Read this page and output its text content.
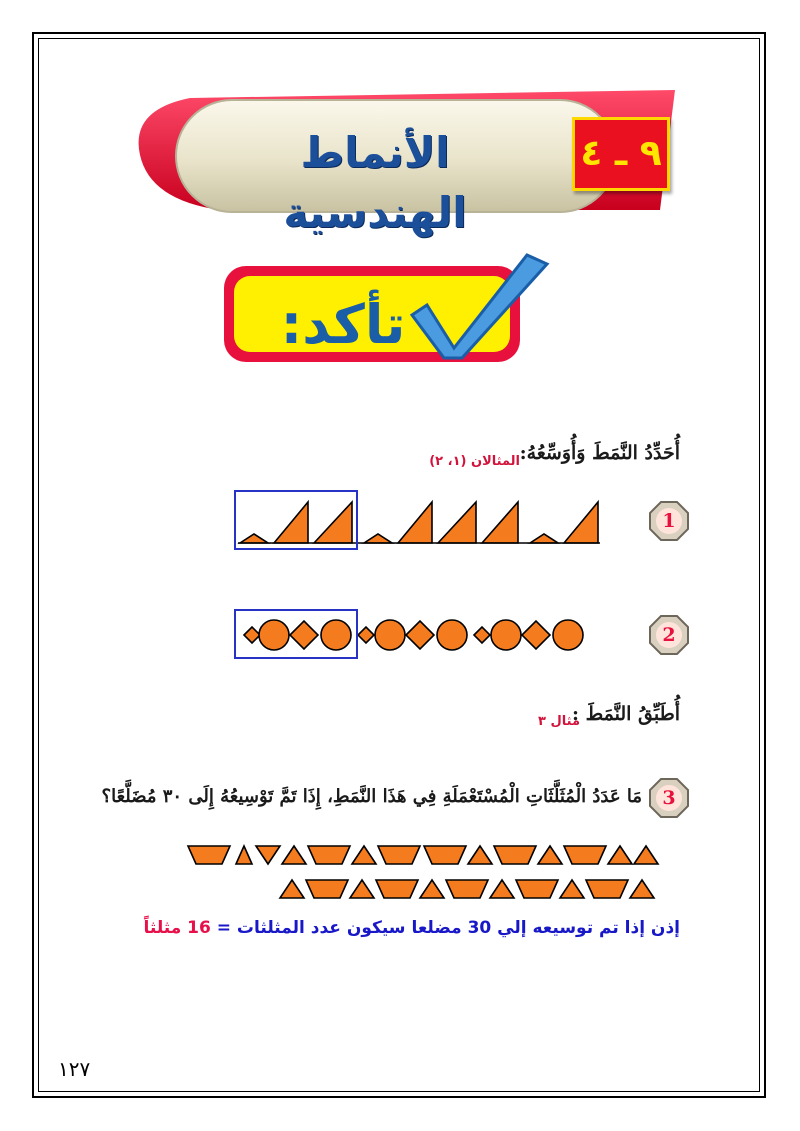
٩ ـ ٤
الأنماط الهندسية
تأكد:
أُحَدِّدُ النَّمَطَ وَأُوَسِّعُهُ:
المثالان (١، ٢)
1
2
أُطَبِّقُ النَّمَطَ :
مثال ٣
3
مَا عَدَدُ الْمُثَلَّثَاتِ الْمُسْتَعْمَلَةِ فِي هَذَا النَّمَطِ، إِذَا تَمَّ تَوْسِيعُهُ إِلَى ٣٠ مُضَلَّعًا؟
إذن إذا تم توسيعه إلي 30 مضلعا سيكون عدد المثلثات = 16 مثلثاً
١٢٧
